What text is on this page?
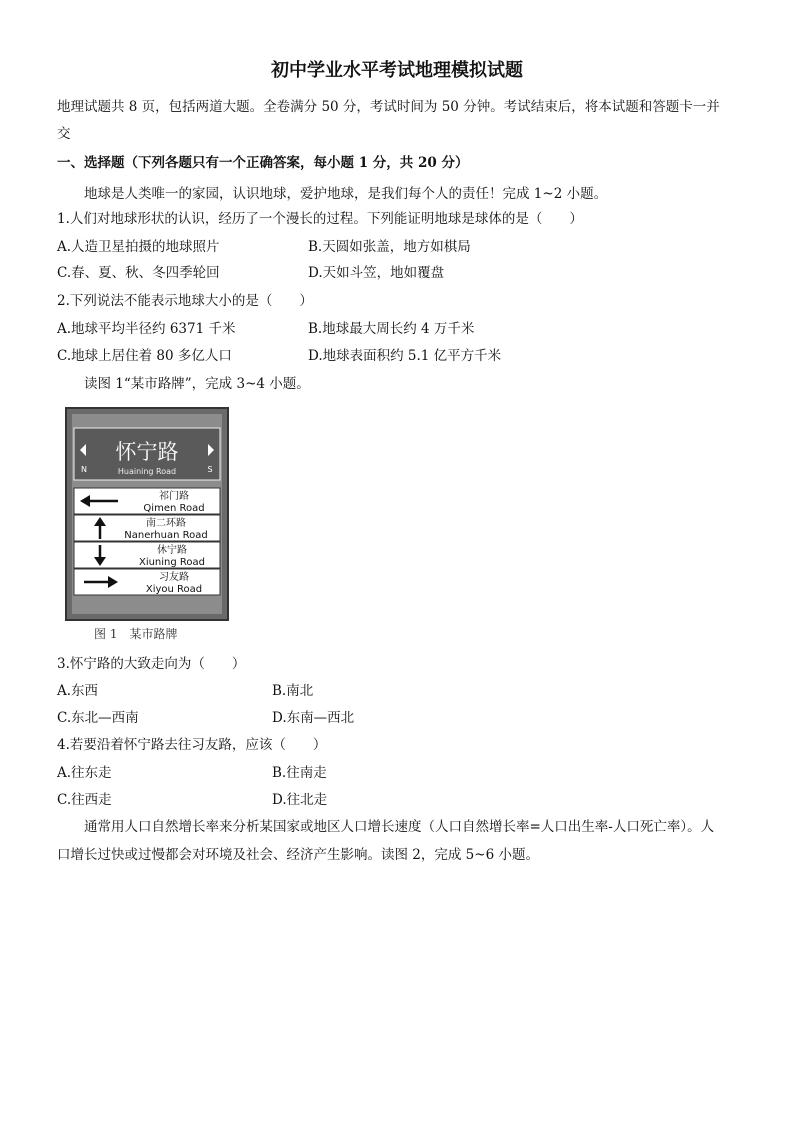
初中学业水平考试地理模拟试题
地理试题共 8 页，包括两道大题。全卷满分 50 分，考试时间为 50 分钟。考试结束后，将本试题和答题卡一并
交
一、选择题（下列各题只有一个正确答案，每小题 1 分，共 20 分）
地球是人类唯一的家园，认识地球，爱护地球，是我们每个人的责任！完成 1~2 小题。
1.人们对地球形状的认识，经历了一个漫长的过程。下列能证明地球是球体的是（　　）
A.人造卫星拍摄的地球照片	B.天圆如张盖，地方如棋局
C.春、夏、秋、冬四季轮回	D.天如斗笠，地如覆盘
2.下列说法不能表示地球大小的是（　　）
A.地球平均半径约 6371 千米	B.地球最大周长约 4 万千米
C.地球上居住着 80 多亿人口	D.地球表面积约 5.1 亿平方千米
读图 1“某市路牌”，完成 3~4 小题。
怀宁路
Huaining Road
N	S
祁门路
Qimen Road
南二环路
Nanerhuan Road
休宁路
Xiuning Road
习友路
Xiyou Road
图 1　某市路牌
3.怀宁路的大致走向为（　　）
A.东西	B.南北
C.东北—西南	D.东南—西北
4.若要沿着怀宁路去往习友路，应该（　　）
A.往东走	B.往南走
C.往西走	D.往北走
通常用人口自然增长率来分析某国家或地区人口增长速度（人口自然增长率=人口出生率-人口死亡率）。人
口增长过快或过慢都会对环境及社会、经济产生影响。读图 2，完成 5~6 小题。
